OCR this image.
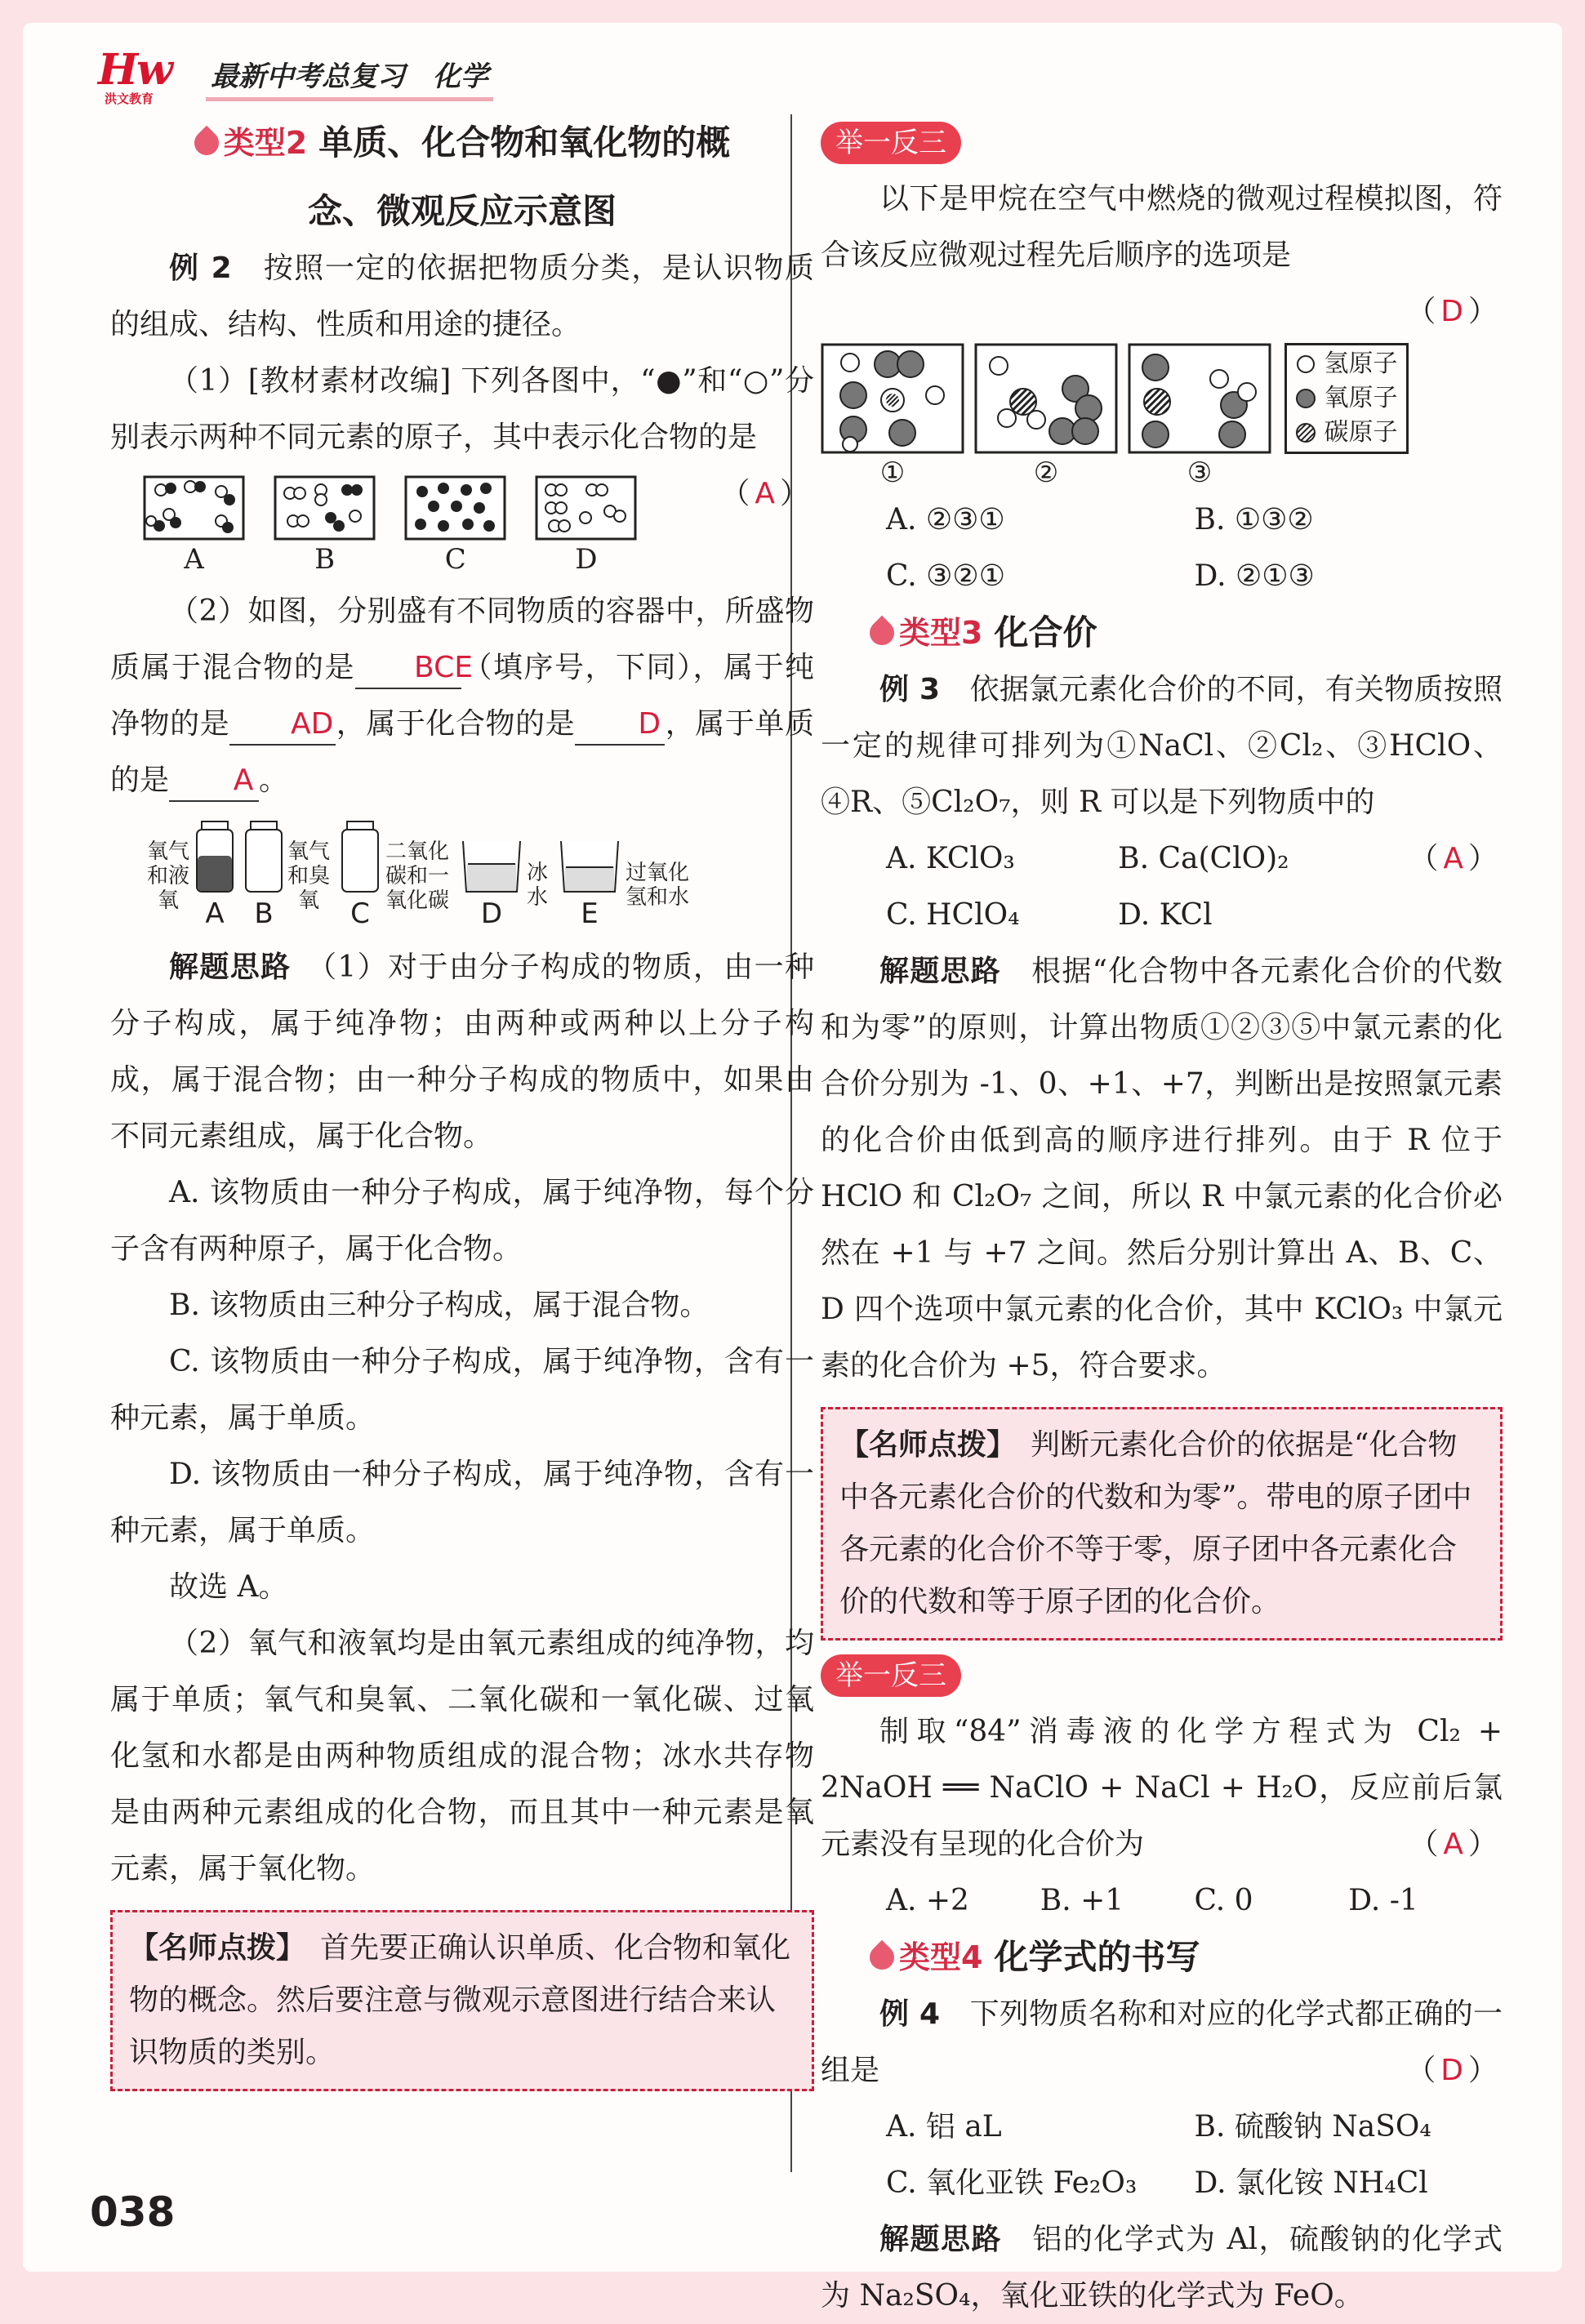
Hw
洪文教育
最新中考总复习　化学
类型2 单质、化合物和氧化物的概
念、微观反应示意图

例 2　 按照一定的依据把物质分类，是认识物质的组成、结构、性质和用途的捷径。

（1）[教材素材改编] 下列各图中，“●”和“○”分别表示两种不同元素的原子，其中表示化合物的是
（A）

A	B	C	D

（2）如图，分别盛有不同物质的容器中，所盛物质属于混合物的是 BCE（填序号，下同），属于纯净物的是 AD，属于化合物的是 D ，属于单质的是 A 。

氧气和液氧 A B
氧气和臭氧	C
二氧化碳和一氧化碳 D
冰水 E
过氧化氢和水

解题思路　 （1）对于由分子构成的物质，由一种分子构成，属于纯净物；由两种或两种以上分子构成，属于混合物；由一种分子构成的物质中，如果由不同元素组成，属于化合物。

A. 该物质由一种分子构成，属于纯净物，每个分子含有两种原子，属于化合物。

B. 该物质由三种分子构成，属于混合物。

C. 该物质由一种分子构成，属于纯净物，含有一种元素，属于单质。

D. 该物质由一种分子构成，属于纯净物，含有一种元素，属于单质。

故选 A。

（2）氧气和液氧均是由氧元素组成的纯净物，均属于单质；氧气和臭氧、二氧化碳和一氧化碳、过氧化氢和水都是由两种物质组成的混合物；冰水共存物是由两种元素组成的化合物，而且其中一种元素是氧元素，属于氧化物。

【名师点拨】　 首先要正确认识单质、化合物和氧化物的概念。然后要注意与微观示意图进行结合来认识物质的类别。
举一反三

以下是甲烷在空气中燃烧的微观过程模拟图，符合该反应微观过程先后顺序的选项是

（D）

①	②	③
氢原子
氧原子
碳原子
A. ②③①	B. ①③②
C. ③②①	D. ②①③
类型3 化合价

例 3　 依据氯元素化合价的不同，有关物质按照一定的规律可排列为①NaCl、②Cl₂、③HClO、④R、⑤Cl₂O₇，则 R 可以是下列物质中的
（A）

A. KClO₃	B. Ca(ClO)₂
C. HClO₄	D. KCl

解题思路　 根据“化合物中各元素化合价的代数和为零”的原则，计算出物质①②③⑤中氯元素的化合价分别为 -1、0、+1、+7，判断出是按照氯元素的化合价由低到高的顺序进行排列。由于 R 位于 HClO 和 Cl₂O₇ 之间，所以 R 中氯元素的化合价必然在 +1 与 +7 之间。然后分别计算出 A、B、C、D 四个选项中氯元素的化合价，其中 KClO₃ 中氯元素的化合价为 +5，符合要求。

【名师点拨】　 判断元素化合价的依据是“化合物中各元素化合价的代数和为零”。带电的原子团中各元素的化合价不等于零，原子团中各元素化合价的代数和等于原子团的化合价。
举一反三

制取“84”消毒液的化学方程式为 Cl₂ + 2NaOH ══ NaClO + NaCl + H₂O，反应前后氯元素没有呈现的化合价为	（A）

A. +2	B. +1	C. 0	D. -1
类型4 化学式的书写

例 4　 下列物质名称和对应的化学式都正确的一组是	（D）

A. 铝 aL	B. 硫酸钠 NaSO₄
C. 氧化亚铁 Fe₂O₃	D. 氯化铵 NH₄Cl

解题思路　 铝的化学式为 Al，硫酸钠的化学式为 Na₂SO₄，氧化亚铁的化学式为 FeO。

038
